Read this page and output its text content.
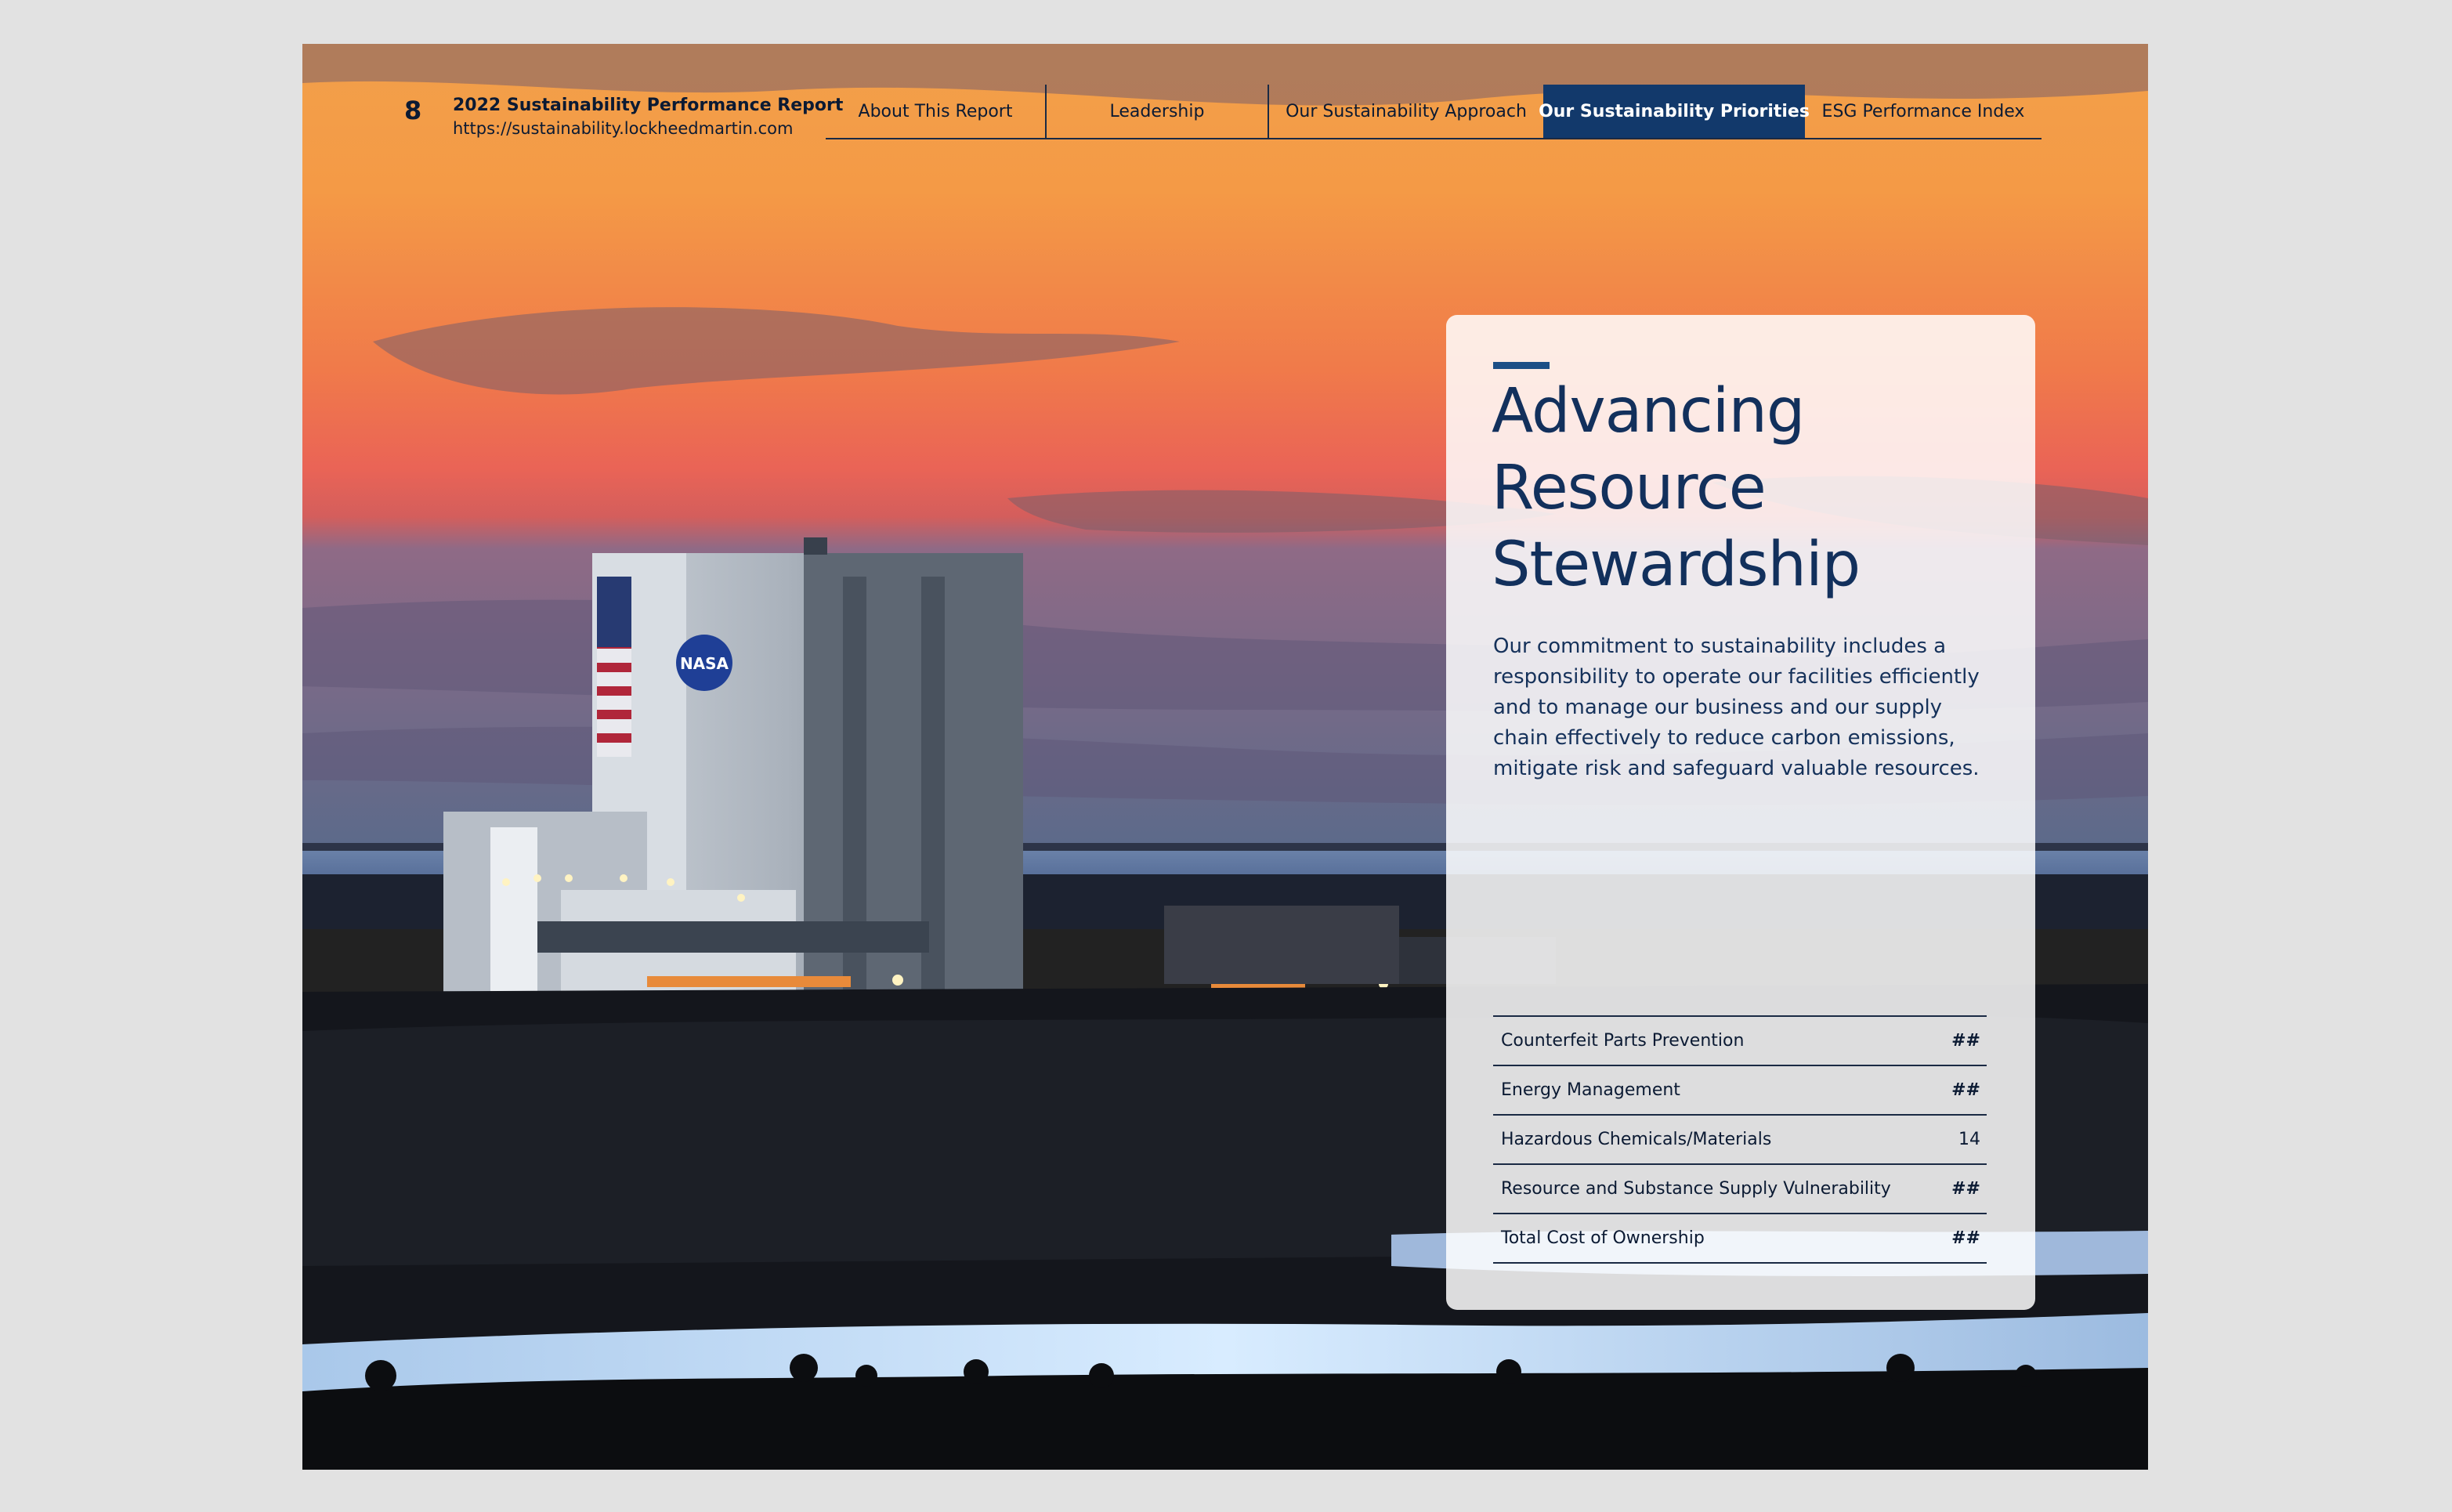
NASA
8 2022 Sustainability Performance Report
https://sustainability.lockheedmartin.com
About This Report	Leadership	Our Sustainability Approach Our Sustainability Priorities ESG Performance Index
Advancing
Resource
Stewardship
Our commitment to sustainability includes a responsibility to operate our facilities efficiently and to manage our business and our supply chain effectively to reduce carbon emissions, mitigate risk and safeguard valuable resources.
Counterfeit Parts Prevention	##
Energy Management	##
Hazardous Chemicals/Materials	14
Resource and Substance Supply Vulnerability	##
Total Cost of Ownership	##
